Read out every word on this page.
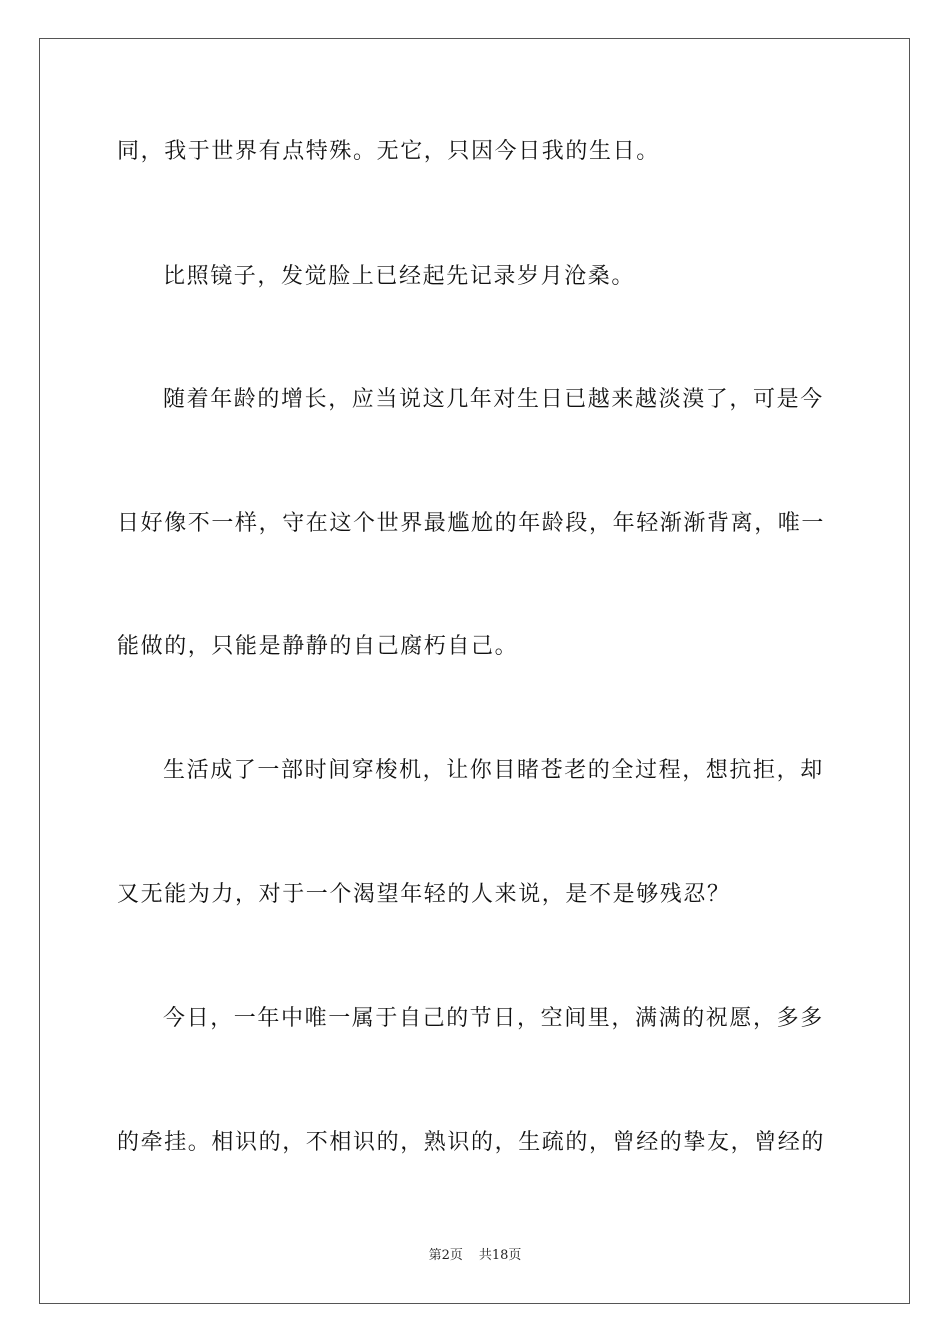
同，我于世界有点特殊。无它，只因今日我的生日。
比照镜子，发觉脸上已经起先记录岁月沧桑。
随着年龄的增长，应当说这几年对生日已越来越淡漠了，可是今
日好像不一样，守在这个世界最尴尬的年龄段，年轻渐渐背离，唯一
能做的，只能是静静的自己腐朽自己。
生活成了一部时间穿梭机，让你目睹苍老的全过程，想抗拒，却
又无能为力，对于一个渴望年轻的人来说，是不是够残忍？
今日，一年中唯一属于自己的节日，空间里，满满的祝愿，多多
的牵挂。相识的，不相识的，熟识的，生疏的，曾经的挚友，曾经的
第2页 共18页
